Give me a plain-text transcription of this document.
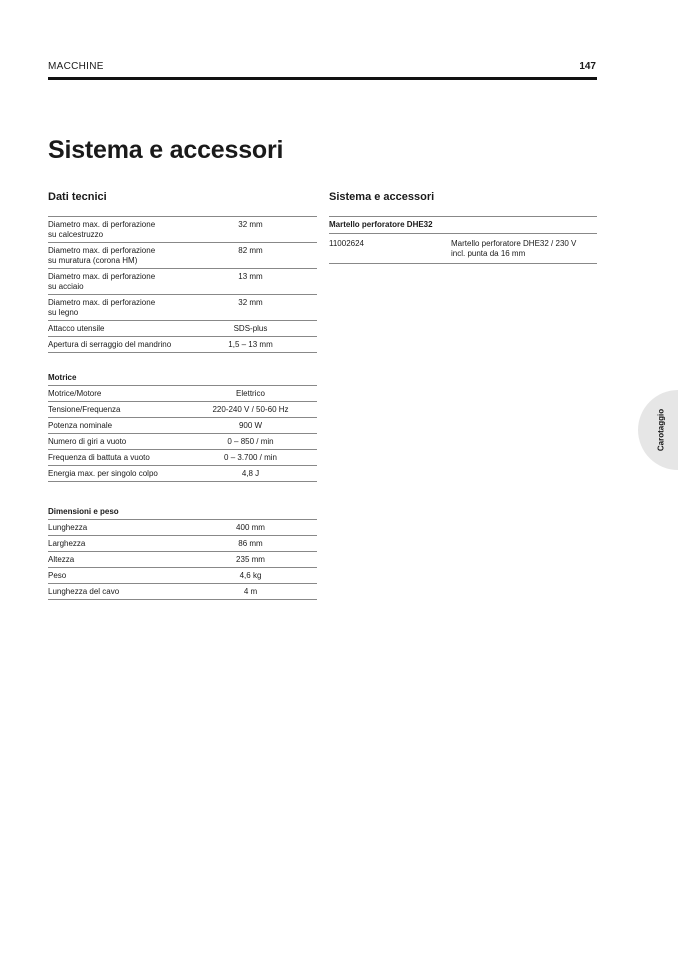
MACCHINE	147
Sistema e accessori
Dati tecnici
Diametro max. di perforazione
su calcestruzzo	32 mm
Diametro max. di perforazione
su muratura (corona HM)	82 mm
Diametro max. di perforazione
su acciaio	13 mm
Diametro max. di perforazione
su legno	32 mm
Attacco utensile	SDS-plus
Apertura di serraggio del mandrino	1,5 – 13 mm
Motrice
Motrice/Motore	Elettrico
Tensione/Frequenza	220-240 V / 50-60 Hz
Potenza nominale	900 W
Numero di giri a vuoto	0 – 850 / min
Frequenza di battuta a vuoto	0 – 3.700 / min
Energia max. per singolo colpo	4,8 J
Dimensioni e peso
Lunghezza	400 mm
Larghezza	86 mm
Altezza	235 mm
Peso	4,6 kg
Lunghezza del cavo	4 m
Sistema e accessori
Martello perforatore DHE32
11002624	Martello perforatore DHE32 / 230 V
incl. punta da 16 mm
Carotaggio
